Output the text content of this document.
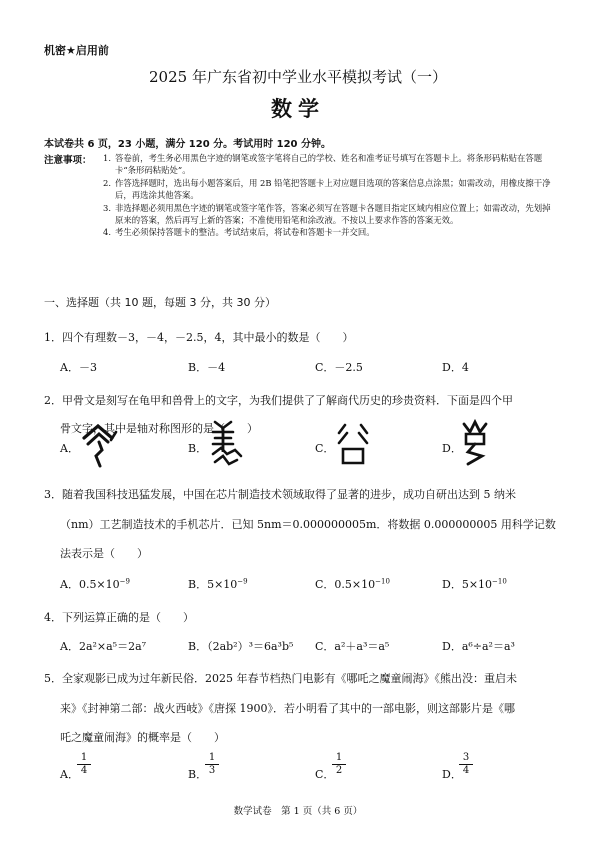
机密★启用前
2025 年广东省初中学业水平模拟考试（一）
数学
本试卷共 6 页，23 小题，满分 120 分。考试用时 120 分钟。
注意事项： 1. 答卷前，考生务必用黑色字迹的钢笔或签字笔将自己的学校、姓名和准考证号填写在答题卡上。将条形码粘贴在答题卡“条形码粘贴处”。
2. 作答选择题时，选出每小题答案后，用 2B 铅笔把答题卡上对应题目选项的答案信息点涂黑；如需改动，用橡皮擦干净后，再选涂其他答案。
3. 非选择题必须用黑色字迹的钢笔或签字笔作答，答案必须写在答题卡各题目指定区域内相应位置上；如需改动，先划掉原来的答案，然后再写上新的答案；不准使用铅笔和涂改液。不按以上要求作答的答案无效。
4. 考生必须保持答题卡的整洁。考试结束后，将试卷和答题卡一并交回。
一、选择题（共 10 题，每题 3 分，共 30 分）
1．四个有理数－3，－4，－2.5，4，其中最小的数是（　　）
A．－3	B．－4	C．－2.5	D．4
2．甲骨文是刻写在龟甲和兽骨上的文字，为我们提供了了解商代历史的珍贵资料．下面是四个甲
骨文字，其中是轴对称图形的是（　　）
A．	B．	C．	D．
3．随着我国科技迅猛发展，中国在芯片制造技术领域取得了显著的进步，成功自研出达到 5 纳米
（nm）工艺制造技术的手机芯片．已知 5nm＝0.000000005m．将数据 0.000000005 用科学记数
法表示是（　　）
A．$0.5\times 10^{-9}$	B．$5\times 10^{-9}$	C．$0.5\times 10^{-10}$	D．$5\times 10^{-10}$
4．下列运算正确的是（　　）
A．2a²×a⁵＝2a⁷	B．（2ab²）³＝6a³b⁵ C．a²＋a³＝a⁵	D．a⁶÷a²＝a³
5．全家观影已成为过年新民俗．2025 年春节档热门电影有《哪吒之魔童闹海》《熊出没：重启未
来》《封神第二部：战火西岐》《唐探 1900》．若小明看了其中的一部电影，则这部影片是《哪
吒之魔童闹海》的概率是（　　）
A．
$\frac{1}{4}$	B．
$\frac{1}{3}$	C．
$\frac{1}{2}$	D．
$\frac{3}{4}$
数学试卷　第 1 页（共 6 页）
